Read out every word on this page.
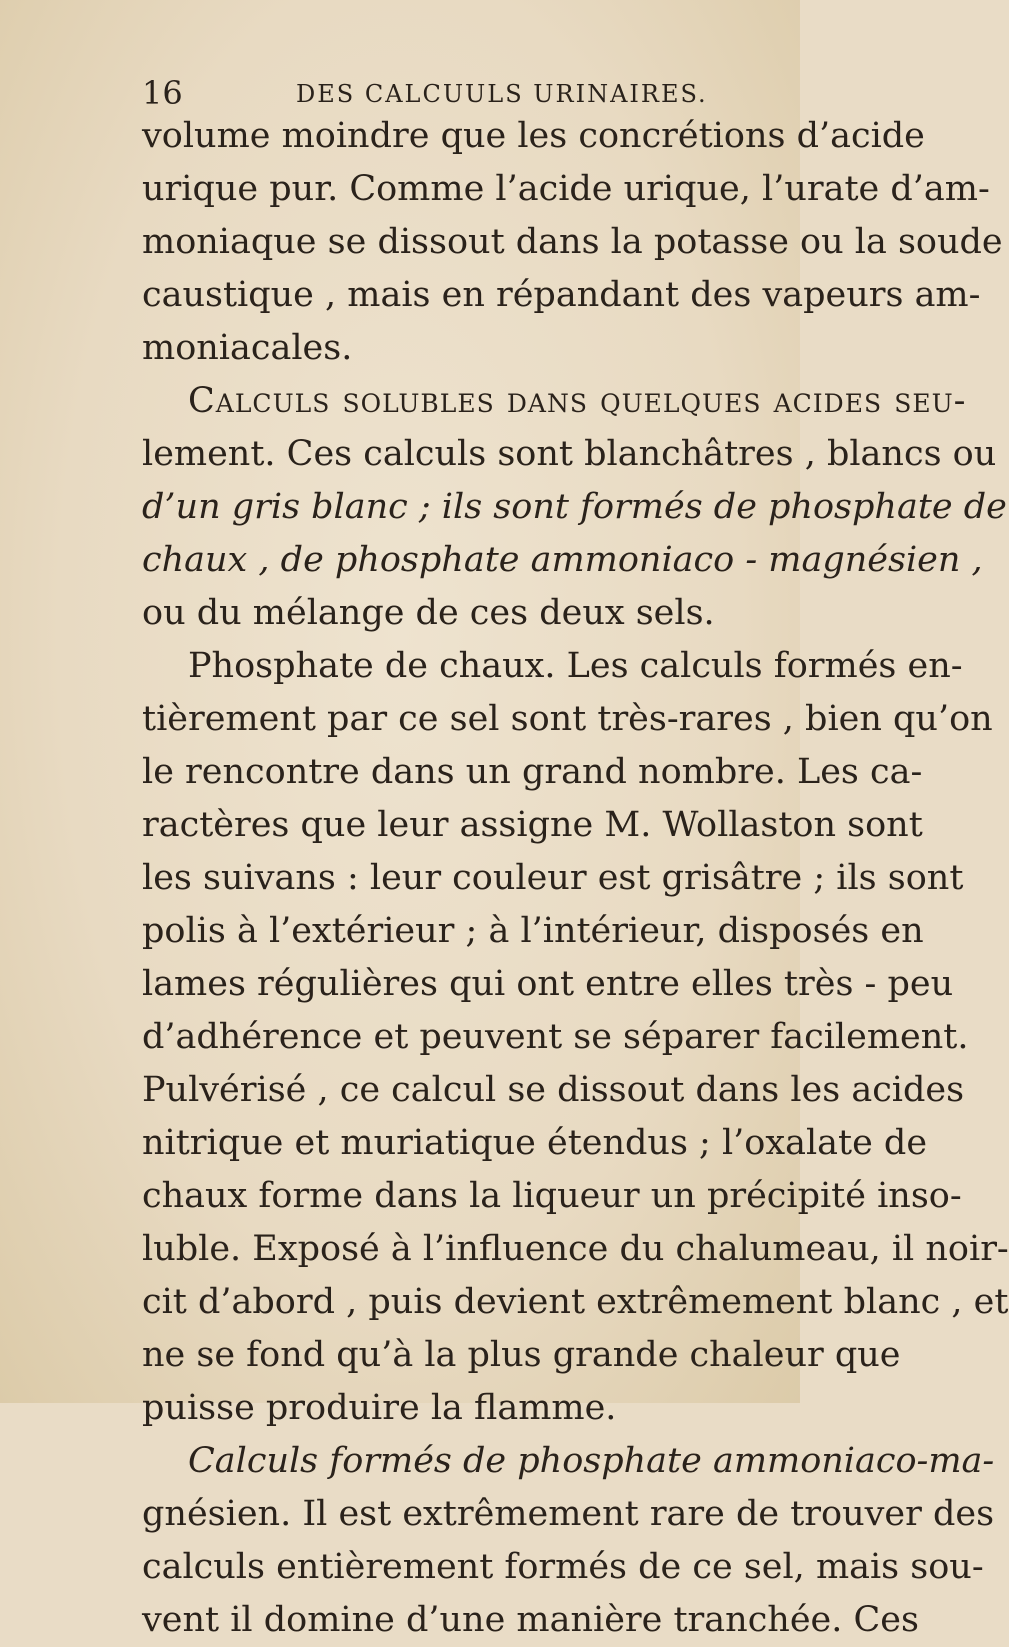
16	DES CALCUULS URINAIRES.
volume moindre que les concrétions d’acide
urique pur. Comme l’acide urique, l’urate d’am-
moniaque se dissout dans la potasse ou la soude
caustique , mais en répandant des vapeurs am-
moniacales.
Calculs solubles dans quelques acides seu-
lement. Ces calculs sont blanchâtres , blancs ou
d’un gris blanc ; ils sont formés de phosphate de
chaux , de phosphate ammoniaco - magnésien ,
ou du mélange de ces deux sels.
Phosphate de chaux. Les calculs formés en-
tièrement par ce sel sont très-rares , bien qu’on
le rencontre dans un grand nombre. Les ca-
ractères que leur assigne M. Wollaston sont
les suivans : leur couleur est grisâtre ; ils sont
polis à l’extérieur ; à l’intérieur, disposés en
lames régulières qui ont entre elles très - peu
d’adhérence et peuvent se séparer facilement.
Pulvérisé , ce calcul se dissout dans les acides
nitrique et muriatique étendus ; l’oxalate de
chaux forme dans la liqueur un précipité inso-
luble. Exposé à l’influence du chalumeau, il noir-
cit d’abord , puis devient extrêmement blanc , et
ne se fond qu’à la plus grande chaleur que
puisse produire la flamme.
Calculs formés de phosphate ammoniaco-ma-
gnésien. Il est extrêmement rare de trouver des
calculs entièrement formés de ce sel, mais sou-
vent il domine d’une manière tranchée. Ces
